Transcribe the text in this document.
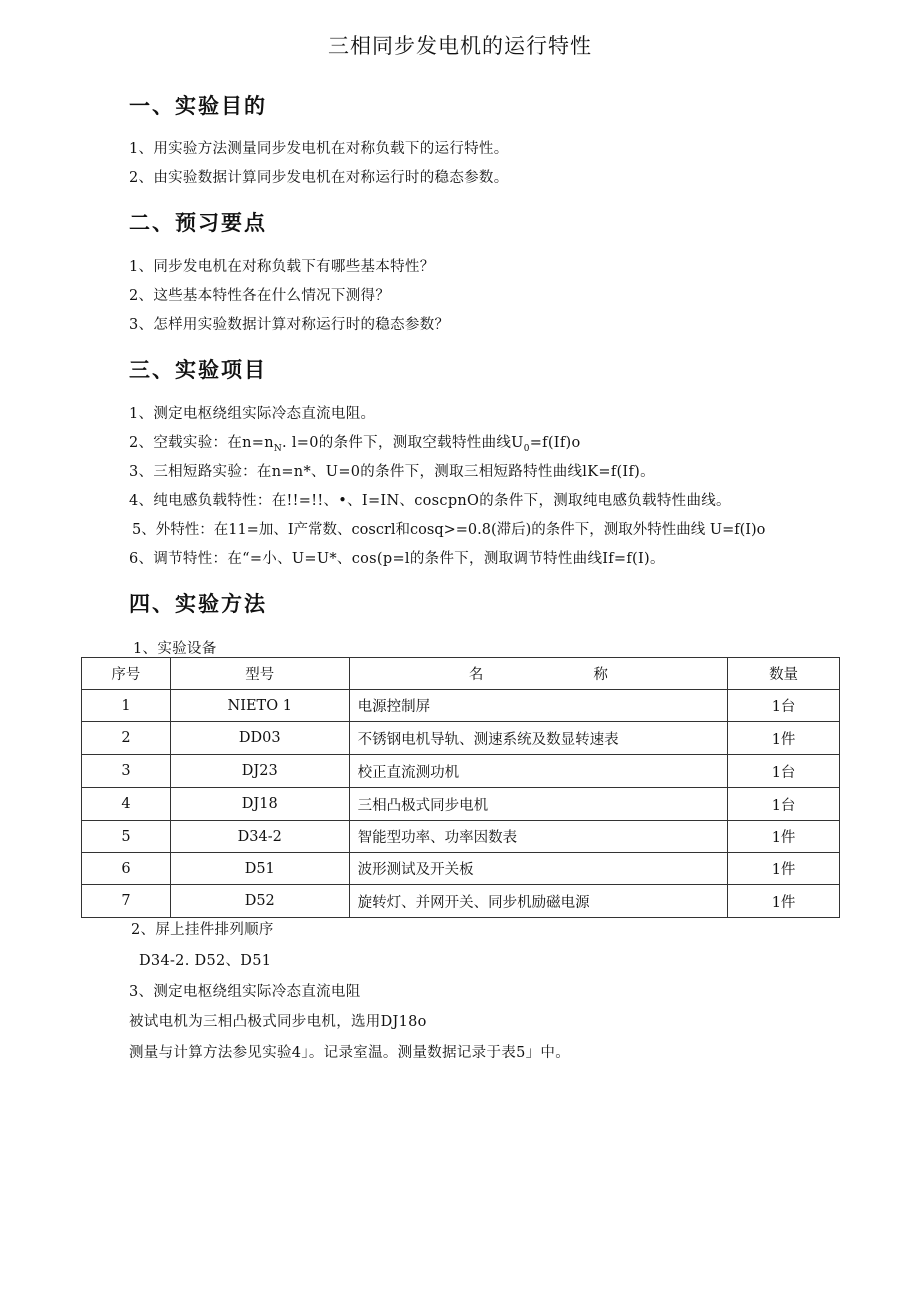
三相同步发电机的运行特性
一、实验目的
1、用实验方法测量同步发电机在对称负载下的运行特性。
2、由实验数据计算同步发电机在对称运行时的稳态参数。
二、预习要点
1、同步发电机在对称负载下有哪些基本特性？
2、这些基本特性各在什么情况下测得？
3、怎样用实验数据计算对称运行时的稳态参数？
三、实验项目
1、测定电枢绕组实际冷态直流电阻。
2、空载实验：在$n=n_N$. l=0的条件下，测取空载特性曲线$U_0=f(If)o$
3、三相短路实验：在n=n*、U=0的条件下，测取三相短路特性曲线lK=f(If)。
4、纯电感负载特性：在!!=!!、•、I=IN、coscpnO的条件下，测取纯电感负载特性曲线。
5、外特性：在11=加、I产常数、coscrl和cosq>=0.8(滞后)的条件下，测取外特性曲线 U=f(I)o
6、调节特性：在“=小、U=U*、cos(p=l的条件下，测取调节特性曲线If=f(I)。
四、实验方法
1、实验设备
序号	型号	名 称	数量
1	NIETO 1	电源控制屏	1台
2	DD03	不锈钢电机导轨、测速系统及数显转速表	1件
3	DJ23	校正直流测功机	1台
4	DJ18	三相凸极式同步电机	1台
5	D34-2	智能型功率、功率因数表	1件
6	D51	波形测试及开关板	1件
7	D52	旋转灯、并网开关、同步机励磁电源	1件
2、屏上挂件排列顺序
D34-2. D52、D51
3、测定电枢绕组实际冷态直流电阻
被试电机为三相凸极式同步电机，选用DJ18o
测量与计算方法参见实验4」。记录室温。测量数据记录于表5」中。
